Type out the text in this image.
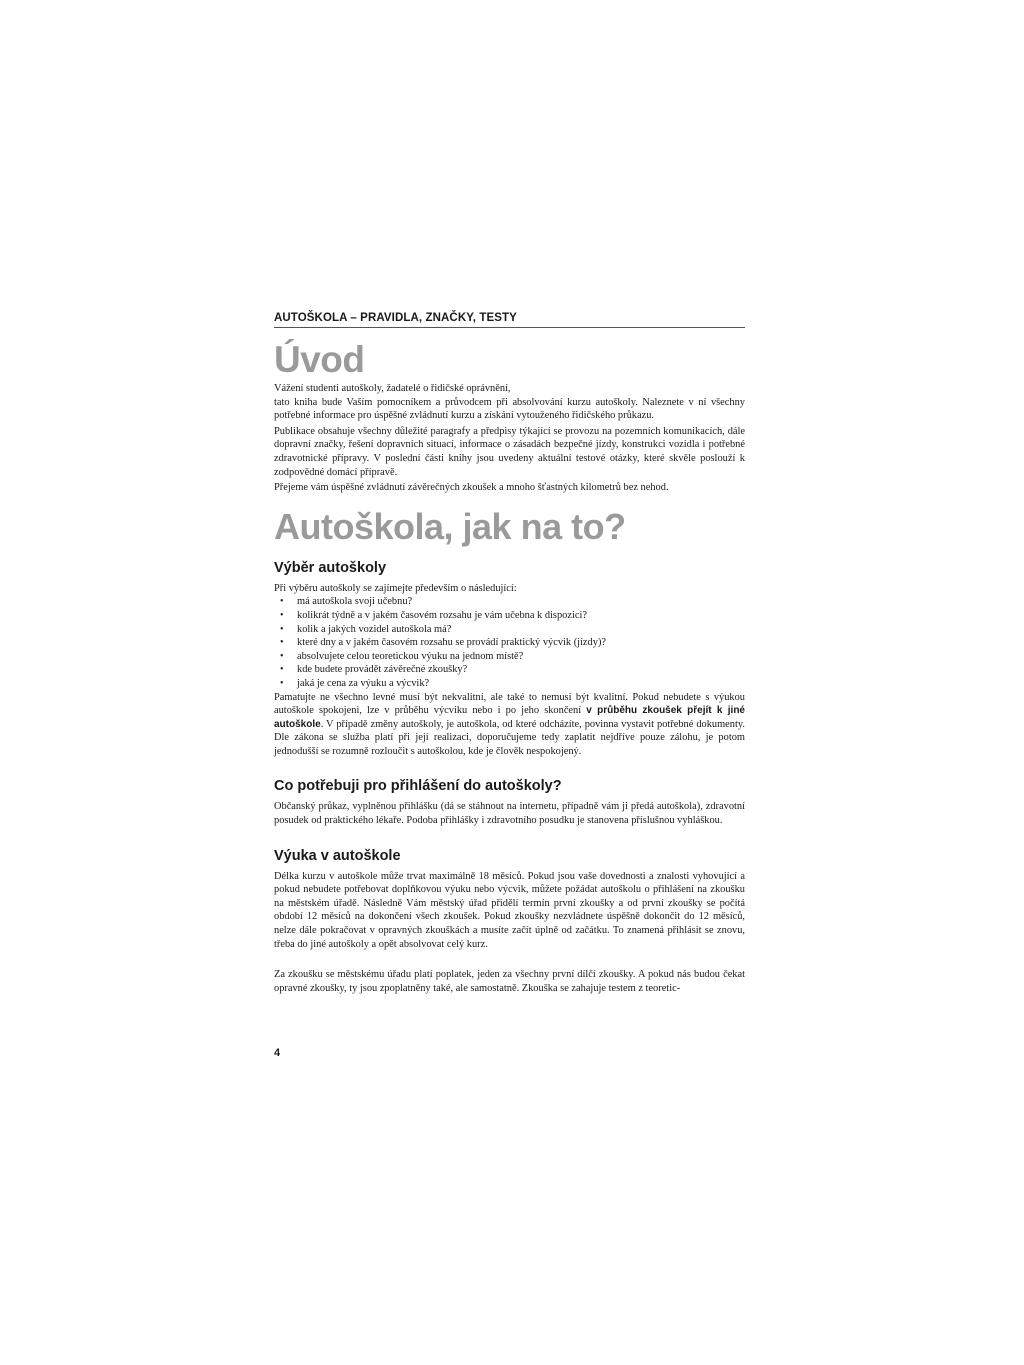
AUTOŠKOLA – PRAVIDLA, ZNAČKY, TESTY
Úvod

Vážení studenti autoškoly, žadatelé o řidičské oprávnění,

tato kniha bude Vaším pomocníkem a průvodcem při absolvování kurzu autoškoly. Naleznete v ní všechny potřebné informace pro úspěšné zvládnutí kurzu a získání vytouženého řidičského průkazu.

Publikace obsahuje všechny důležité paragrafy a předpisy týkající se provozu na pozemních komunikacích, dále dopravní značky, řešení dopravních situací, informace o zásadách bezpečné jízdy, konstrukci vozidla i potřebné zdravotnické přípravy. V poslední části knihy jsou uvedeny aktuální testové otázky, které skvěle poslouží k zodpovědné domácí přípravě.

Přejeme vám úspěšné zvládnutí závěrečných zkoušek a mnoho šťastných kilometrů bez nehod.

Autoškola, jak na to?
Výběr autoškoly

Při výběru autoškoly se zajímejte především o následující:

• má autoškola svoji učebnu?
• kolikrát týdně a v jakém časovém rozsahu je vám učebna k dispozici?
• kolik a jakých vozidel autoškola má?
• které dny a v jakém časovém rozsahu se provádí praktický výcvik (jízdy)?
• absolvujete celou teoretickou výuku na jednom místě?
• kde budete provádět závěrečné zkoušky?
• jaká je cena za výuku a výcvik?

Pamatujte ne všechno levné musí být nekvalitní, ale také to nemusí být kvalitní. Pokud nebudete s výukou autoškole spokojeni, lze v průběhu výcviku nebo i po jeho skončení v průběhu zkoušek přejít k jiné autoškole. V případě změny autoškoly, je autoškola, od které odcházíte, povinna vystavit potřebné dokumenty. Dle zákona se služba platí při její realizaci, doporučujeme tedy zaplatit nejdříve pouze zálohu, je potom jednodušší se rozumně rozloučit s autoškolou, kde je člověk nespokojený.

Co potřebuji pro přihlášení do autoškoly?

Občanský průkaz, vyplněnou přihlášku (dá se stáhnout na internetu, případně vám ji předá autoškola), zdravotní posudek od praktického lékaře. Podoba přihlášky i zdravotního posudku je stanovena příslušnou vyhláškou.

Výuka v autoškole

Délka kurzu v autoškole může trvat maximálně 18 měsíců. Pokud jsou vaše dovednosti a znalosti vyhovující a pokud nebudete potřebovat doplňkovou výuku nebo výcvik, můžete požádat autoškolu o přihlášení na zkoušku na městském úřadě. Následně Vám městský úřad přidělí termín první zkoušky a od první zkoušky se počítá období 12 měsíců na dokončení všech zkoušek. Pokud zkoušky nezvládnete úspěšně dokončit do 12 měsíců, nelze dále pokračovat v opravných zkouškách a musíte začít úplně od začátku. To znamená přihlásit se znovu, třeba do jiné autoškoly a opět absolvovat celý kurz.

Za zkoušku se městskému úřadu platí poplatek, jeden za všechny první dílčí zkoušky. A pokud nás budou čekat opravné zkoušky, ty jsou zpoplatněny také, ale samostatně. Zkouška se zahajuje testem z teoretic-

4
